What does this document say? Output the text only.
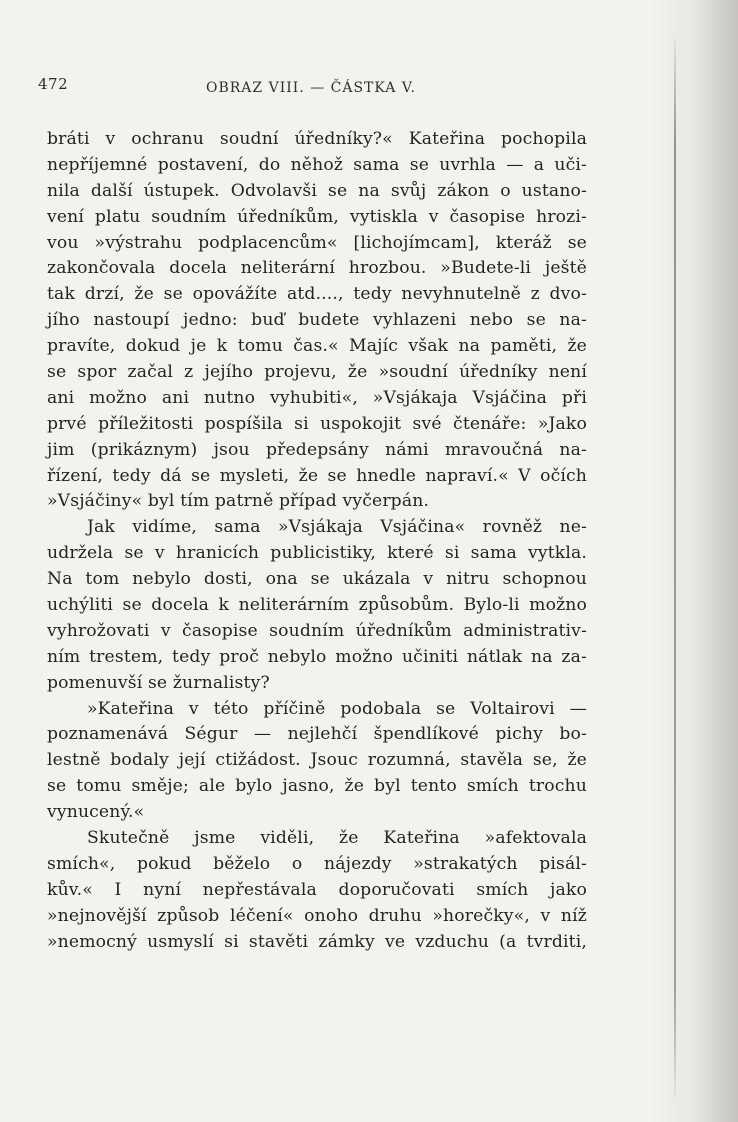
472	OBRAZ VIII. — ČÁSTKA V.
bráti v ochranu soudní úředníky?« Kateřina pochopila
nepříjemné postavení, do něhož sama se uvrhla — a uči-
nila další ústupek. Odvolavši se na svůj zákon o ustano-
vení platu soudním úředníkům, vytiskla v časopise hrozi-
vou »výstrahu podplacencům« [lichojímcam], kteráž se
zakončovala docela neliterární hrozbou. »Budete-li ještě
tak drzí, že se opovážíte atd...., tedy nevyhnutelně z dvo-
jího nastoupí jedno: buď budete vyhlazeni nebo se na-
pravíte, dokud je k tomu čas.« Majíc však na paměti, že
se spor začal z jejího projevu, že »soudní úředníky není
ani možno ani nutno vyhubiti«, »Vsjákaja Vsjáčina při
prvé příležitosti pospíšila si uspokojit své čtenáře: »Jako
jim (prikáznym) jsou předepsány námi mravoučná na-
řízení, tedy dá se mysleti, že se hnedle napraví.« V očích
»Vsjáčiny« byl tím patrně případ vyčerpán.
Jak vidíme, sama »Vsjákaja Vsjáčina« rovněž ne-
udržela se v hranicích publicistiky, které si sama vytkla.
Na tom nebylo dosti, ona se ukázala v nitru schopnou
uchýliti se docela k neliterárním způsobům. Bylo-li možno
vyhrožovati v časopise soudním úředníkům administrativ-
ním trestem, tedy proč nebylo možno učiniti nátlak na za-
pomenuvší se žurnalisty?
»Kateřina v této příčině podobala se Voltairovi —
poznamenává Ségur — nejlehčí špendlíkové pichy bo-
lestně bodaly její ctižádost. Jsouc rozumná, stavěla se, že
se tomu směje; ale bylo jasno, že byl tento smích trochu
vynucený.«
Skutečně jsme viděli, že Kateřina »afektovala
smích«, pokud běželo o nájezdy »strakatých pisál-
kův.« I nyní nepřestávala doporučovati smích jako
»nejnovější způsob léčení« onoho druhu »horečky«, v níž
»nemocný usmyslí si stavěti zámky ve vzduchu (a tvrditi,
